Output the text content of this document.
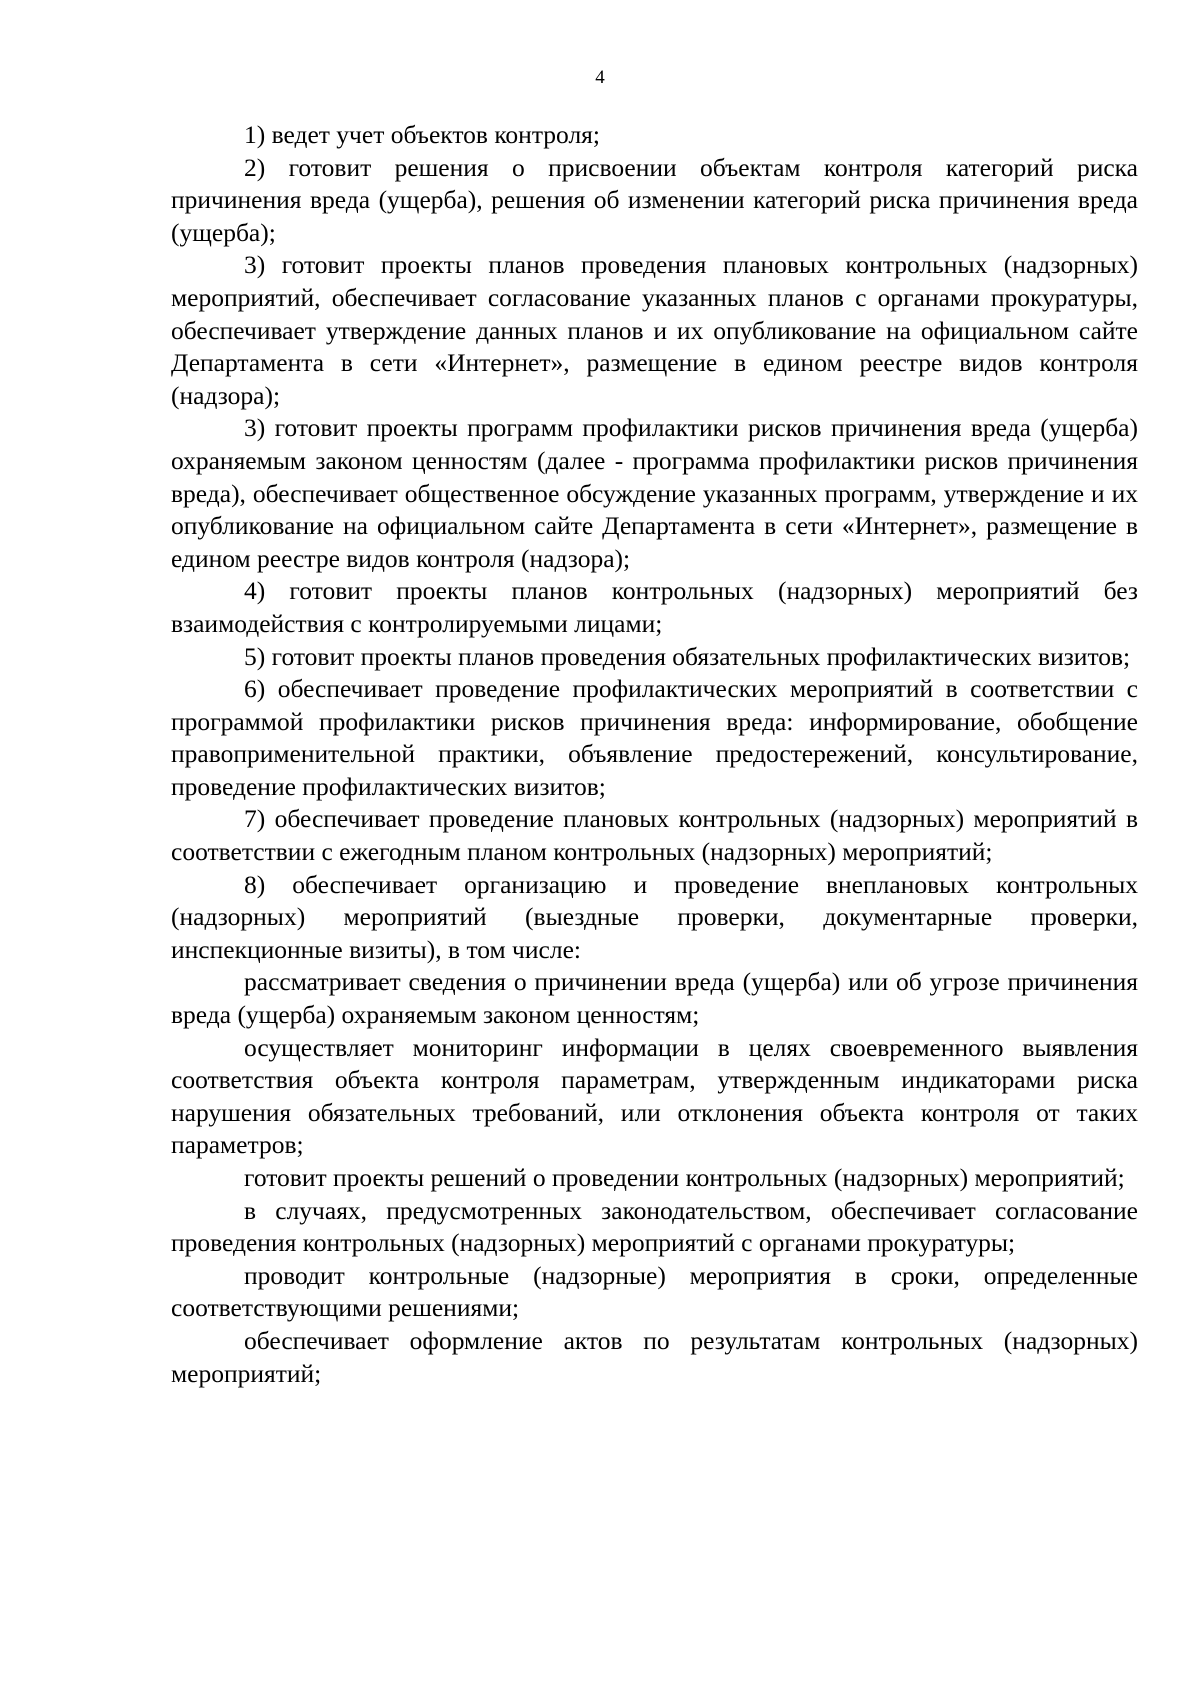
4

1) ведет учет объектов контроля;

2) готовит решения о присвоении объектам контроля категорий риска причинения вреда (ущерба), решения об изменении категорий риска причинения вреда (ущерба);

3) готовит проекты планов проведения плановых контрольных (надзорных) мероприятий, обеспечивает согласование указанных планов с органами прокуратуры, обеспечивает утверждение данных планов и их опубликование на официальном сайте Департамента в сети «Интернет», размещение в едином реестре видов контроля (надзора);

3) готовит проекты программ профилактики рисков причинения вреда (ущерба) охраняемым законом ценностям (далее - программа профилактики рисков причинения вреда), обеспечивает общественное обсуждение указанных программ, утверждение и их опубликование на официальном сайте Департамента в сети «Интернет», размещение в едином реестре видов контроля (надзора);

4) готовит проекты планов контрольных (надзорных) мероприятий без взаимодействия с контролируемыми лицами;

5) готовит проекты планов проведения обязательных профилактических визитов;

6) обеспечивает проведение профилактических мероприятий в соответствии с программой профилактики рисков причинения вреда: информирование, обобщение правоприменительной практики, объявление предостережений, консультирование, проведение профилактических визитов;

7) обеспечивает проведение плановых контрольных (надзорных) мероприятий в соответствии с ежегодным планом контрольных (надзорных) мероприятий;

8) обеспечивает организацию и проведение внеплановых контрольных (надзорных) мероприятий (выездные проверки, документарные проверки, инспекционные визиты), в том числе:

рассматривает сведения о причинении вреда (ущерба) или об угрозе причинения вреда (ущерба) охраняемым законом ценностям;

осуществляет мониторинг информации в целях своевременного выявления соответствия объекта контроля параметрам, утвержденным индикаторами риска нарушения обязательных требований, или отклонения объекта контроля от таких параметров;

готовит проекты решений о проведении контрольных (надзорных) мероприятий;

в случаях, предусмотренных законодательством, обеспечивает согласование проведения контрольных (надзорных) мероприятий с органами прокуратуры;

проводит контрольные (надзорные) мероприятия в сроки, определенные соответствующими решениями;

обеспечивает оформление актов по результатам контрольных (надзорных) мероприятий;
